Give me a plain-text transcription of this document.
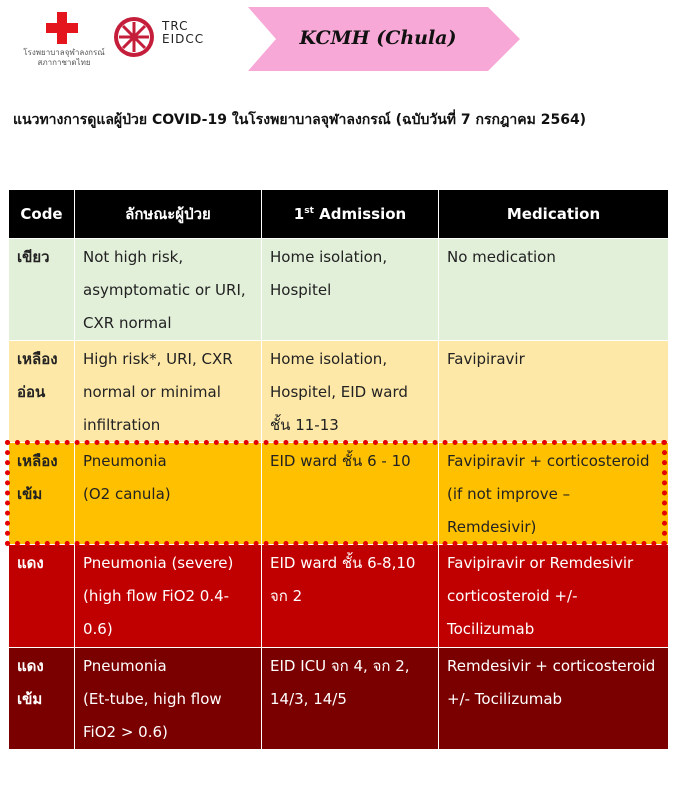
โรงพยาบาลจุฬาลงกรณ์
สภากาชาดไทย
TRC
EIDCC	KCMH (Chula)
แนวทางการดูแลผู้ป่วย COVID-19 ในโรงพยาบาลจุฬาลงกรณ์ (ฉบับวันที่ 7 กรกฎาคม 2564)
Code	ลักษณะผู้ป่วย	1st Admission	Medication

เขียว	Not high risk,
asymptomatic or URI,
CXR normal	Home isolation,
Hospitel	No medication

เหลือง
อ่อน	High risk*, URI, CXR
normal or minimal
infiltration	Home isolation,
Hospitel, EID ward
ชั้น 11-13	Favipiravir

เหลือง
เข้ม	Pneumonia
(O2 canula)	EID ward ชั้น 6 - 10	Favipiravir + corticosteroid
(if not improve –
Remdesivir)

แดง	Pneumonia (severe)
(high flow FiO2 0.4-
0.6)	EID ward ชั้น 6-8,10
จก 2	Favipiravir or Remdesivir
corticosteroid +/-
Tocilizumab

แดง
เข้ม	Pneumonia
(Et-tube, high flow
FiO2 > 0.6)	EID ICU จก 4, จก 2,
14/3, 14/5	Remdesivir + corticosteroid
+/- Tocilizumab
